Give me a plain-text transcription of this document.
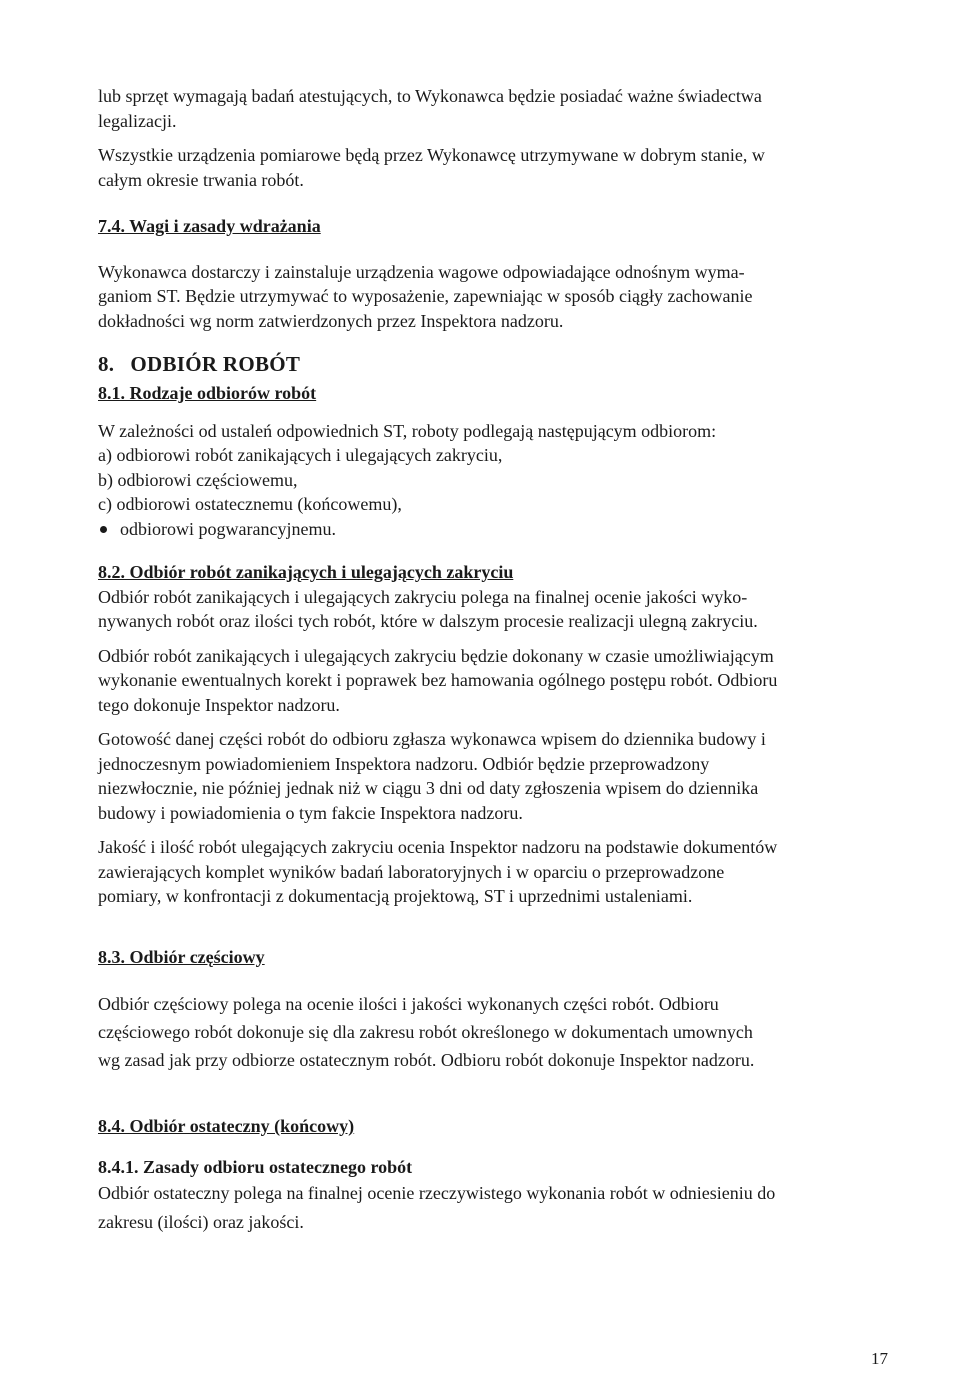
lub sprzęt wymagają badań atestujących, to Wykonawca będzie posiadać ważne świadectwa
legalizacji.

Wszystkie urządzenia pomiarowe będą przez Wykonawcę utrzymywane w dobrym stanie, w
całym okresie trwania robót.

7.4. Wagi i zasady wdrażania

Wykonawca dostarczy i zainstaluje urządzenia wagowe odpowiadające odnośnym wyma-
ganiom ST. Będzie utrzymywać to wyposażenie, zapewniając w sposób ciągły zachowanie
dokładności wg norm zatwierdzonych przez Inspektora nadzoru.

8. ODBIÓR ROBÓT

8.1. Rodzaje odbiorów robót

W zależności od ustaleń odpowiednich ST, roboty podlegają następującym odbiorom:

a) odbiorowi robót zanikających i ulegających zakryciu,

b) odbiorowi częściowemu,

c) odbiorowi ostatecznemu (końcowemu),

odbiorowi pogwarancyjnemu.

8.2. Odbiór robót zanikających i ulegających zakryciu

Odbiór robót zanikających i ulegających zakryciu polega na finalnej ocenie jakości wyko-
nywanych robót oraz ilości tych robót, które w dalszym procesie realizacji ulegną zakryciu.

Odbiór robót zanikających i ulegających zakryciu będzie dokonany w czasie umożliwiającym
wykonanie ewentualnych korekt i poprawek bez hamowania ogólnego postępu robót. Odbioru
tego dokonuje Inspektor nadzoru.

Gotowość danej części robót do odbioru zgłasza wykonawca wpisem do dziennika budowy i
jednoczesnym powiadomieniem Inspektora nadzoru. Odbiór będzie przeprowadzony
niezwłocznie, nie później jednak niż w ciągu 3 dni od daty zgłoszenia wpisem do dziennika
budowy i powiadomienia o tym fakcie Inspektora nadzoru.

Jakość i ilość robót ulegających zakryciu ocenia Inspektor nadzoru na podstawie dokumentów
zawierających komplet wyników badań laboratoryjnych i w oparciu o przeprowadzone
pomiary, w konfrontacji z dokumentacją projektową, ST i uprzednimi ustaleniami.

8.3. Odbiór częściowy

Odbiór częściowy polega na ocenie ilości i jakości wykonanych części robót. Odbioru
częściowego robót dokonuje się dla zakresu robót określonego w dokumentach umownych
wg zasad jak przy odbiorze ostatecznym robót. Odbioru robót dokonuje Inspektor nadzoru.

8.4. Odbiór ostateczny (końcowy)

8.4.1. Zasady odbioru ostatecznego robót

Odbiór ostateczny polega na finalnej ocenie rzeczywistego wykonania robót w odniesieniu do
zakresu (ilości) oraz jakości.

17
